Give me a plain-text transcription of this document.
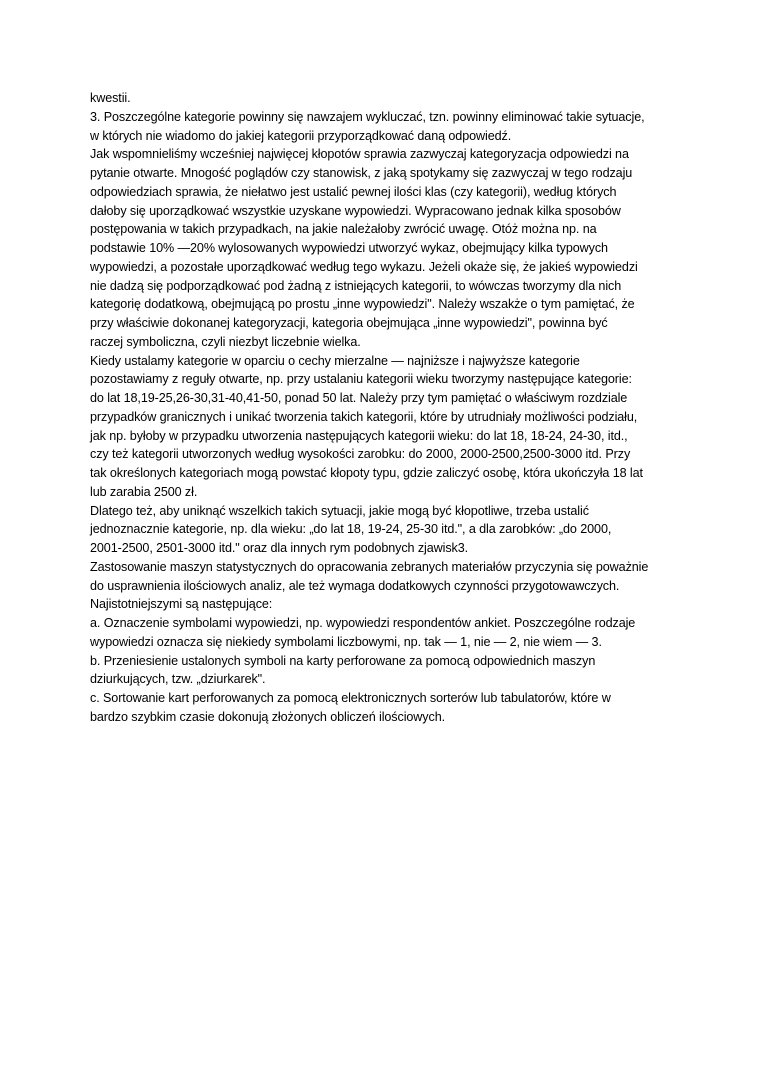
kwestii.
3. Poszczególne kategorie powinny się nawzajem wykluczać, tzn. powinny eliminować takie sytuacje,
w których nie wiadomo do jakiej kategorii przyporządkować daną odpowiedź.
Jak wspomnieliśmy wcześniej najwięcej kłopotów sprawia zazwyczaj kategoryzacja odpowiedzi na
pytanie otwarte. Mnogość poglądów czy stanowisk, z jaką spotykamy się zazwyczaj w tego rodzaju
odpowiedziach sprawia, że niełatwo jest ustalić pewnej ilości klas (czy kategorii), według których
dałoby się uporządkować wszystkie uzyskane wypowiedzi. Wypracowano jednak kilka sposobów
postępowania w takich przypadkach, na jakie należałoby zwrócić uwagę. Otóż można np. na
podstawie 10% —20% wylosowanych wypowiedzi utworzyć wykaz, obejmujący kilka typowych
wypowiedzi, a pozostałe uporządkować według tego wykazu. Jeżeli okaże się, że jakieś wypowiedzi
nie dadzą się podporządkować pod żadną z istniejących kategorii, to wówczas tworzymy dla nich
kategorię dodatkową, obejmującą po prostu „inne wypowiedzi". Należy wszakże o tym pamiętać, że
przy właściwie dokonanej kategoryzacji, kategoria obejmująca „inne wypowiedzi", powinna być
raczej symboliczna, czyli niezbyt liczebnie wielka.
Kiedy ustalamy kategorie w oparciu o cechy mierzalne — najniższe i najwyższe kategorie
pozostawiamy z reguły otwarte, np. przy ustalaniu kategorii wieku tworzymy następujące kategorie:
do lat 18,19-25,26-30,31-40,41-50, ponad 50 lat. Należy przy tym pamiętać o właściwym rozdziale
przypadków granicznych i unikać tworzenia takich kategorii, które by utrudniały możliwości podziału,
jak np. byłoby w przypadku utworzenia następujących kategorii wieku: do lat 18, 18-24, 24-30, itd.,
czy też kategorii utworzonych według wysokości zarobku: do 2000, 2000-2500,2500-3000 itd. Przy
tak określonych kategoriach mogą powstać kłopoty typu, gdzie zaliczyć osobę, która ukończyła 18 lat
lub zarabia 2500 zł.
Dlatego też, aby uniknąć wszelkich takich sytuacji, jakie mogą być kłopotliwe, trzeba ustalić
jednoznacznie kategorie, np. dla wieku: „do lat 18, 19-24, 25-30 itd.", a dla zarobków: „do 2000,
2001-2500, 2501-3000 itd." oraz dla innych rym podobnych zjawisk3.
Zastosowanie maszyn statystycznych do opracowania zebranych materiałów przyczynia się poważnie
do usprawnienia ilościowych analiz, ale też wymaga dodatkowych czynności przygotowawczych.
Najistotniejszymi są następujące:
a. Oznaczenie symbolami wypowiedzi, np. wypowiedzi respondentów ankiet. Poszczególne rodzaje
wypowiedzi oznacza się niekiedy symbolami liczbowymi, np. tak — 1, nie — 2, nie wiem — 3.
b. Przeniesienie ustalonych symboli na karty perforowane za pomocą odpowiednich maszyn
dziurkujących, tzw. „dziurkarek".
c. Sortowanie kart perforowanych za pomocą elektronicznych sorterów lub tabulatorów, które w
bardzo szybkim czasie dokonują złożonych obliczeń ilościowych.
